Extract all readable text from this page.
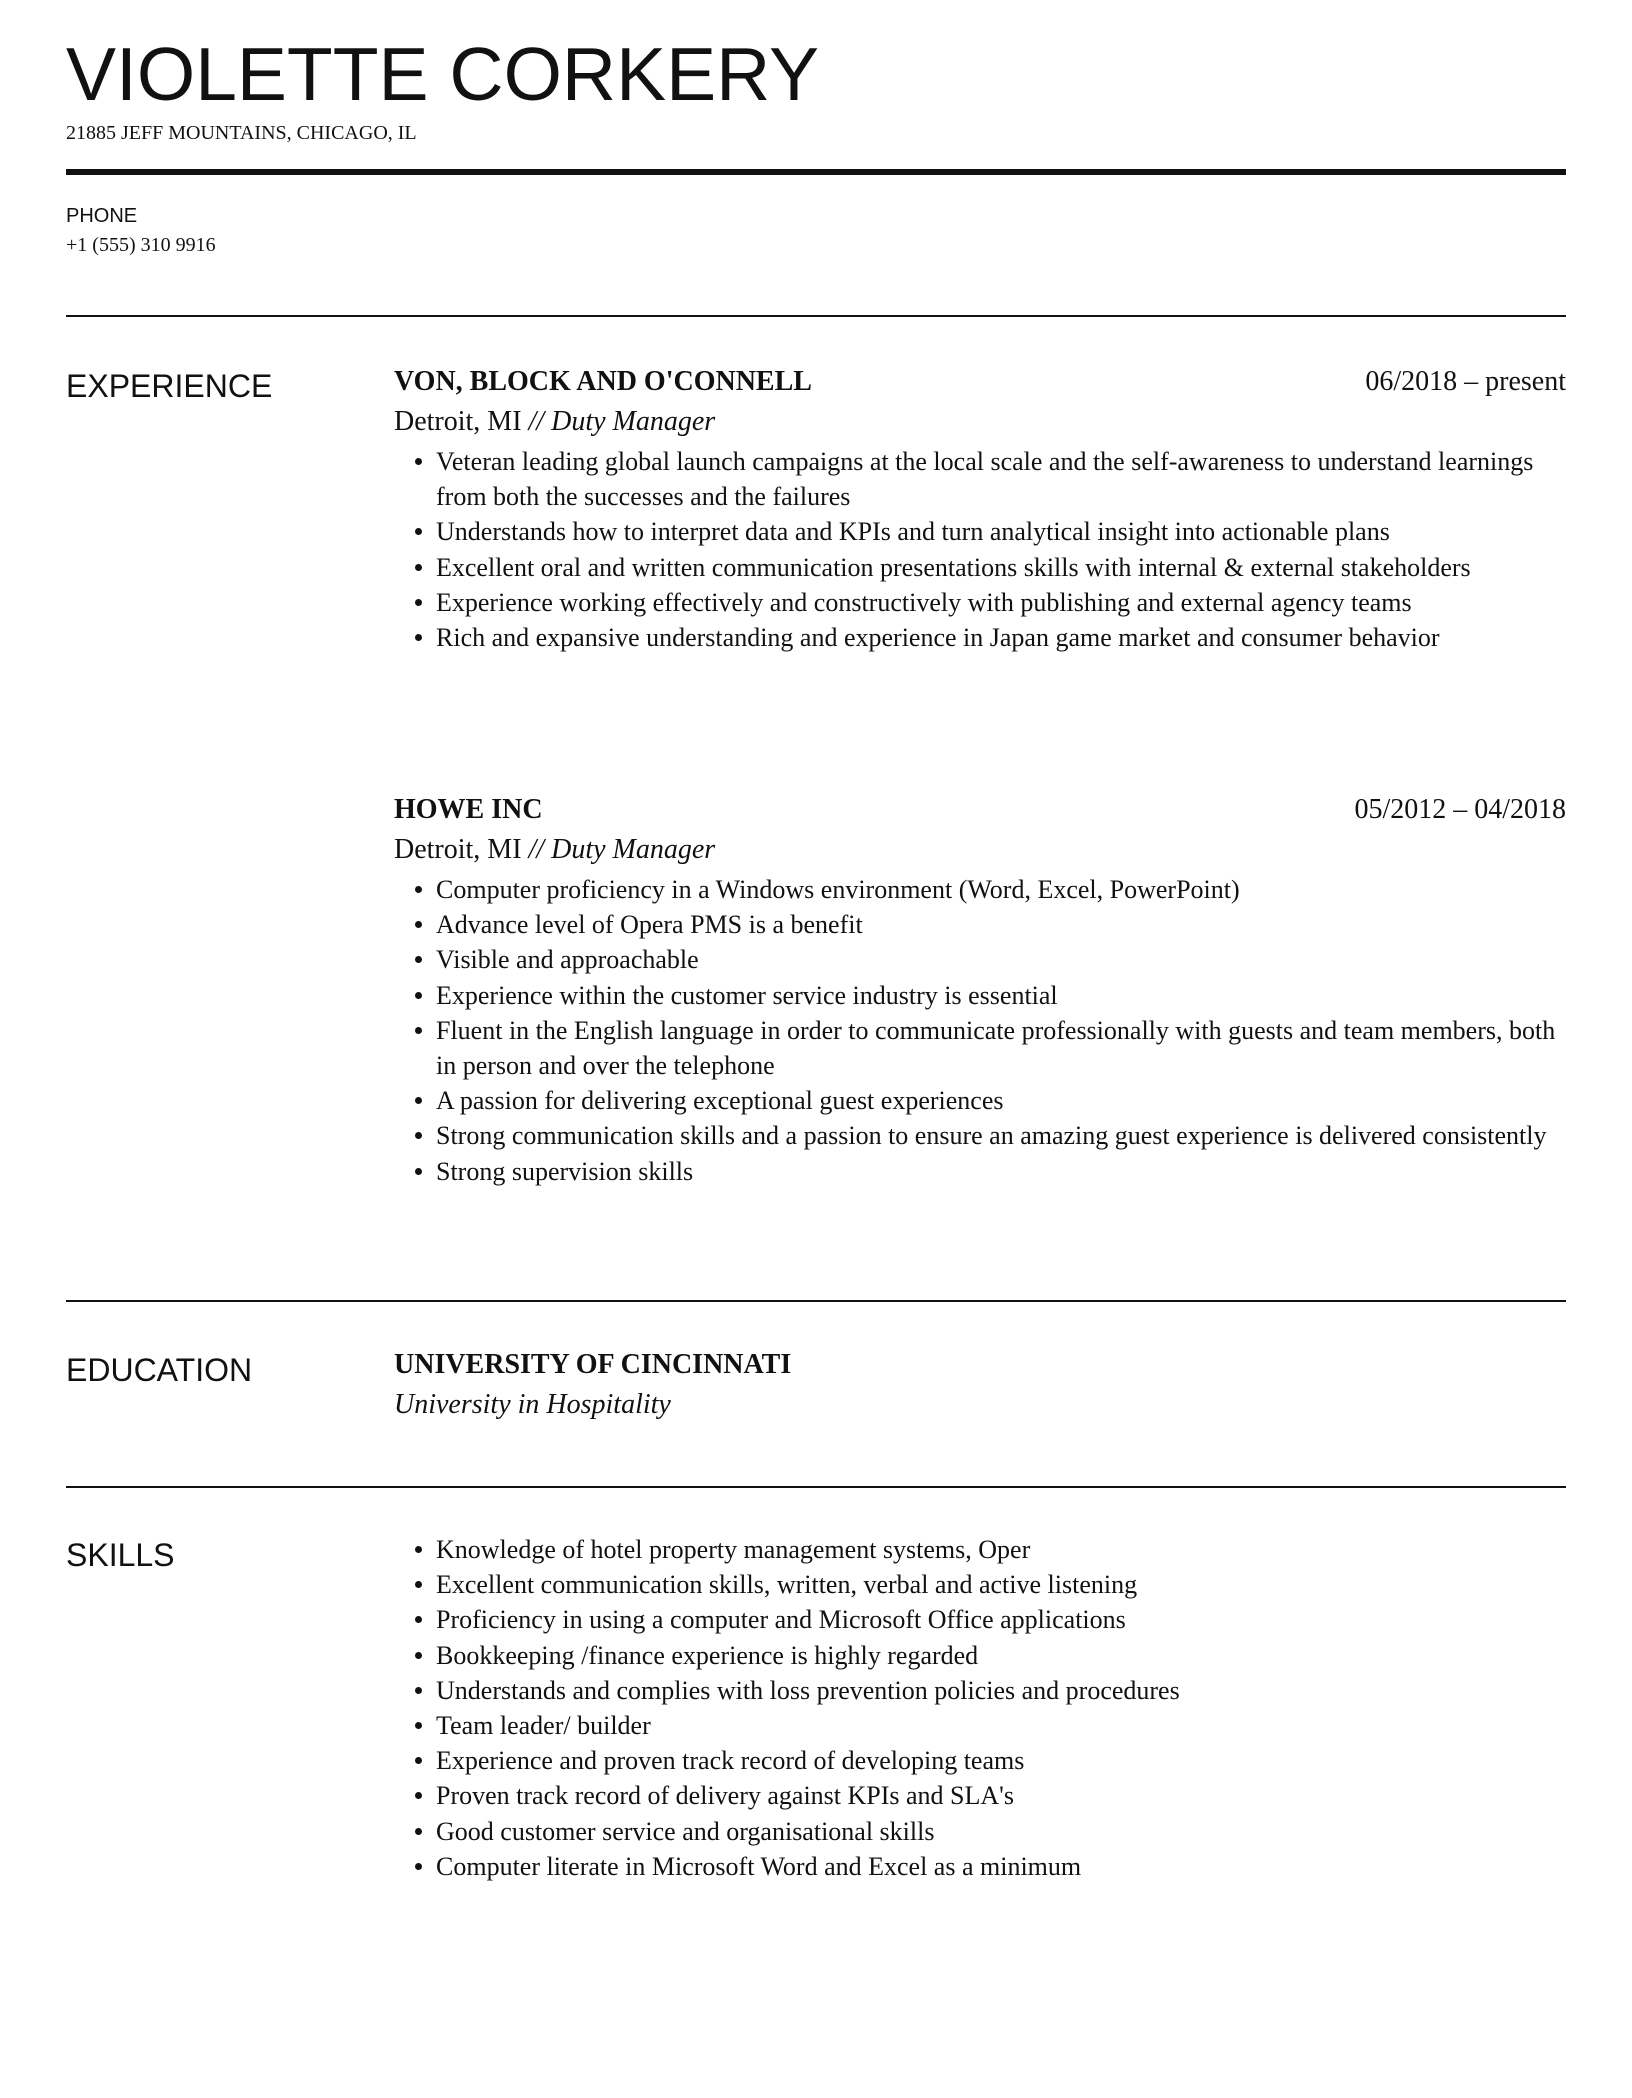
VIOLETTE CORKERY
21885 JEFF MOUNTAINS, CHICAGO, IL
PHONE
+1 (555) 310 9916
EXPERIENCE	VON, BLOCK AND O'CONNELL	06/2018 – present
Detroit, MI // Duty Manager
Veteran leading global launch campaigns at the local scale and the self-awareness to understand learnings from both the successes and the failures
Understands how to interpret data and KPIs and turn analytical insight into actionable plans
Excellent oral and written communication presentations skills with internal & external stakeholders
Experience working effectively and constructively with publishing and external agency teams
Rich and expansive understanding and experience in Japan game market and consumer behavior
HOWE INC	05/2012 – 04/2018
Detroit, MI // Duty Manager
Computer proficiency in a Windows environment (Word, Excel, PowerPoint)
Advance level of Opera PMS is a benefit
Visible and approachable
Experience within the customer service industry is essential
Fluent in the English language in order to communicate professionally with guests and team members, both in person and over the telephone
A passion for delivering exceptional guest experiences
Strong communication skills and a passion to ensure an amazing guest experience is delivered consistently
Strong supervision skills
EDUCATION	UNIVERSITY OF CINCINNATI
University in Hospitality
SKILLS	Knowledge of hotel property management systems, Oper
Excellent communication skills, written, verbal and active listening
Proficiency in using a computer and Microsoft Office applications
Bookkeeping /finance experience is highly regarded
Understands and complies with loss prevention policies and procedures
Team leader/ builder
Experience and proven track record of developing teams
Proven track record of delivery against KPIs and SLA's
Good customer service and organisational skills
Computer literate in Microsoft Word and Excel as a minimum
